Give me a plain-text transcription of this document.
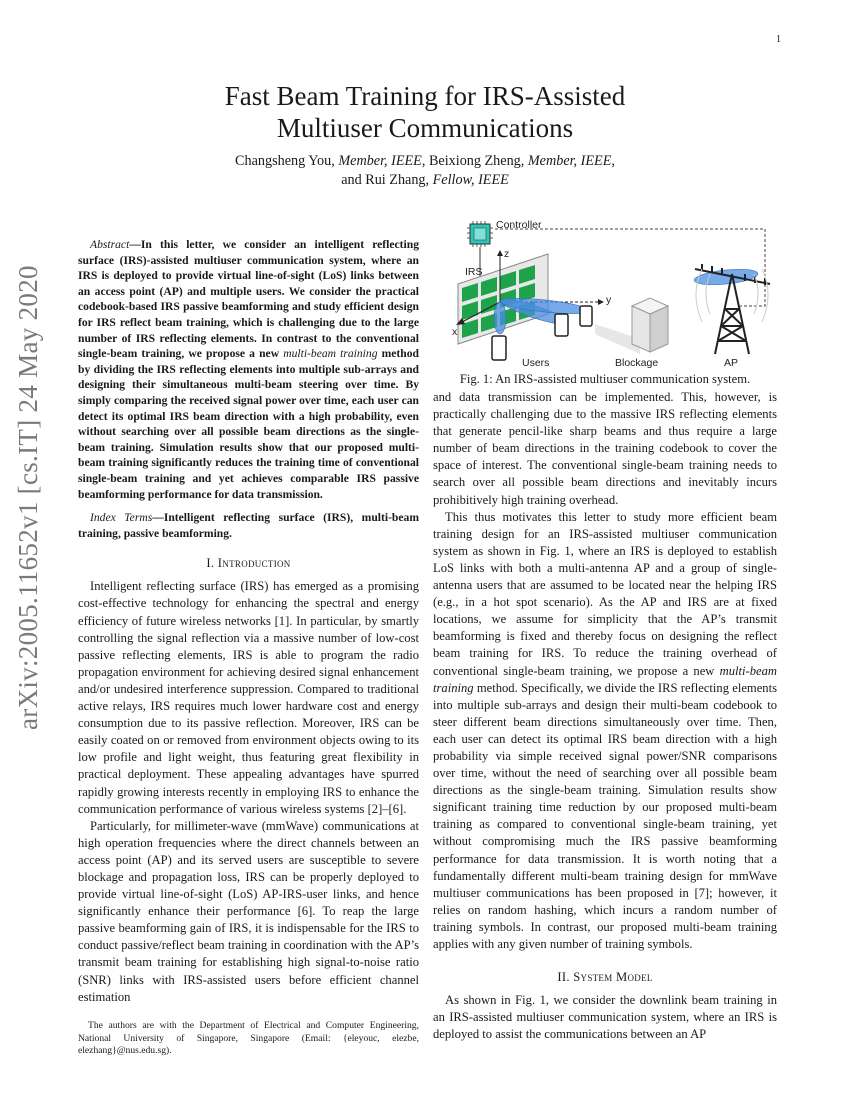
1
arXiv:2005.11652v1 [cs.IT] 24 May 2020
Fast Beam Training for IRS-Assisted
Multiuser Communications
Changsheng You, Member, IEEE, Beixiong Zheng, Member, IEEE,
and Rui Zhang, Fellow, IEEE

Abstract—In this letter, we consider an intelligent reflecting surface (IRS)-assisted multiuser communication system, where an IRS is deployed to provide virtual line-of-sight (LoS) links between an access point (AP) and multiple users. We consider the practical codebook-based IRS passive beamforming and study efficient design for IRS reflect beam training, which is challenging due to the large number of IRS reflecting elements. In contrast to the conventional single-beam training, we propose a new multi-beam training method by dividing the IRS reflecting elements into multiple sub-arrays and designing their simultaneous multi-beam steering over time. By simply comparing the received signal power over time, each user can detect its optimal IRS beam direction with a high probability, even without searching over all possible beam directions as the single-beam training. Simulation results show that our proposed multi-beam training significantly reduces the training time of conventional single-beam training and yet achieves comparable IRS passive beamforming performance for data transmission.

Index Terms—Intelligent reflecting surface (IRS), multi-beam training, passive beamforming.

I. Introduction

Intelligent reflecting surface (IRS) has emerged as a promising cost-effective technology for enhancing the spectral and energy efficiency of future wireless networks [1]. In particular, by smartly controlling the signal reflection via a massive number of low-cost passive reflecting elements, IRS is able to program the radio propagation environment for achieving desired signal enhancement and/or undesired interference suppression. Compared to traditional active relays, IRS requires much lower hardware cost and energy consumption due to its passive reflection. Moreover, IRS can be easily coated on or removed from environment objects owing to its low profile and light weight, thus featuring great flexibility in practical deployment. These appealing advantages have spurred rapidly growing interests recently in employing IRS to enhance the communication performance of various wireless systems [2]–[6].

Particularly, for millimeter-wave (mmWave) communications at high operation frequencies where the direct channels between an access point (AP) and its served users are susceptible to severe blockage and propagation loss, IRS can be properly deployed to provide virtual line-of-sight (LoS) AP-IRS-user links, and hence significantly enhance their performance [6]. To reap the large passive beamforming gain of IRS, it is indispensable for the IRS to conduct passive/reflect beam training in coordination with the AP’s transmit beam training for establishing high signal-to-noise ratio (SNR) links with IRS-assisted users before efficient channel estimation

The authors are with the Department of Electrical and Computer Engineering, National University of Singapore, Singapore (Email: {eleyouc, elezbe, elezhang}@nus.edu.sg).

Controller
IRS
z
y
x
Users	Blockage	AP
Fig. 1: An IRS-assisted multiuser communication system.

and data transmission can be implemented. This, however, is practically challenging due to the massive IRS reflecting elements that generate pencil-like sharp beams and thus require a large number of beam directions in the training codebook to cover the space of interest. The conventional single-beam training needs to search over all possible beam directions and inevitably incurs prohibitively high training overhead.

This thus motivates this letter to study more efficient beam training design for an IRS-assisted multiuser communication system as shown in Fig. 1, where an IRS is deployed to establish LoS links with both a multi-antenna AP and a group of single-antenna users that are assumed to be located near the helping IRS (e.g., in a hot spot scenario). As the AP and IRS are at fixed locations, we assume for simplicity that the AP’s transmit beamforming is fixed and thereby focus on designing the reflect beam training for IRS. To reduce the training overhead of conventional single-beam training, we propose a new multi-beam training method. Specifically, we divide the IRS reflecting elements into multiple sub-arrays and design their multi-beam codebook to steer different beam directions simultaneously over time. Then, each user can detect its optimal IRS beam direction with a high probability via simple received signal power/SNR comparisons over time, without the need of searching over all possible beam directions as the single-beam training. Simulation results show significant training time reduction by our proposed multi-beam training as compared to conventional single-beam training, yet without compromising much the IRS passive beamforming performance for data transmission. It is worth noting that a fundamentally different multi-beam training design for mmWave multiuser communications has been proposed in [7]; however, it relies on random hashing, which incurs a random number of training symbols. In contrast, our proposed multi-beam training applies with any given number of training symbols.

II. System Model

As shown in Fig. 1, we consider the downlink beam training in an IRS-assisted multiuser communication system, where an IRS is deployed to assist the communications between an AP
